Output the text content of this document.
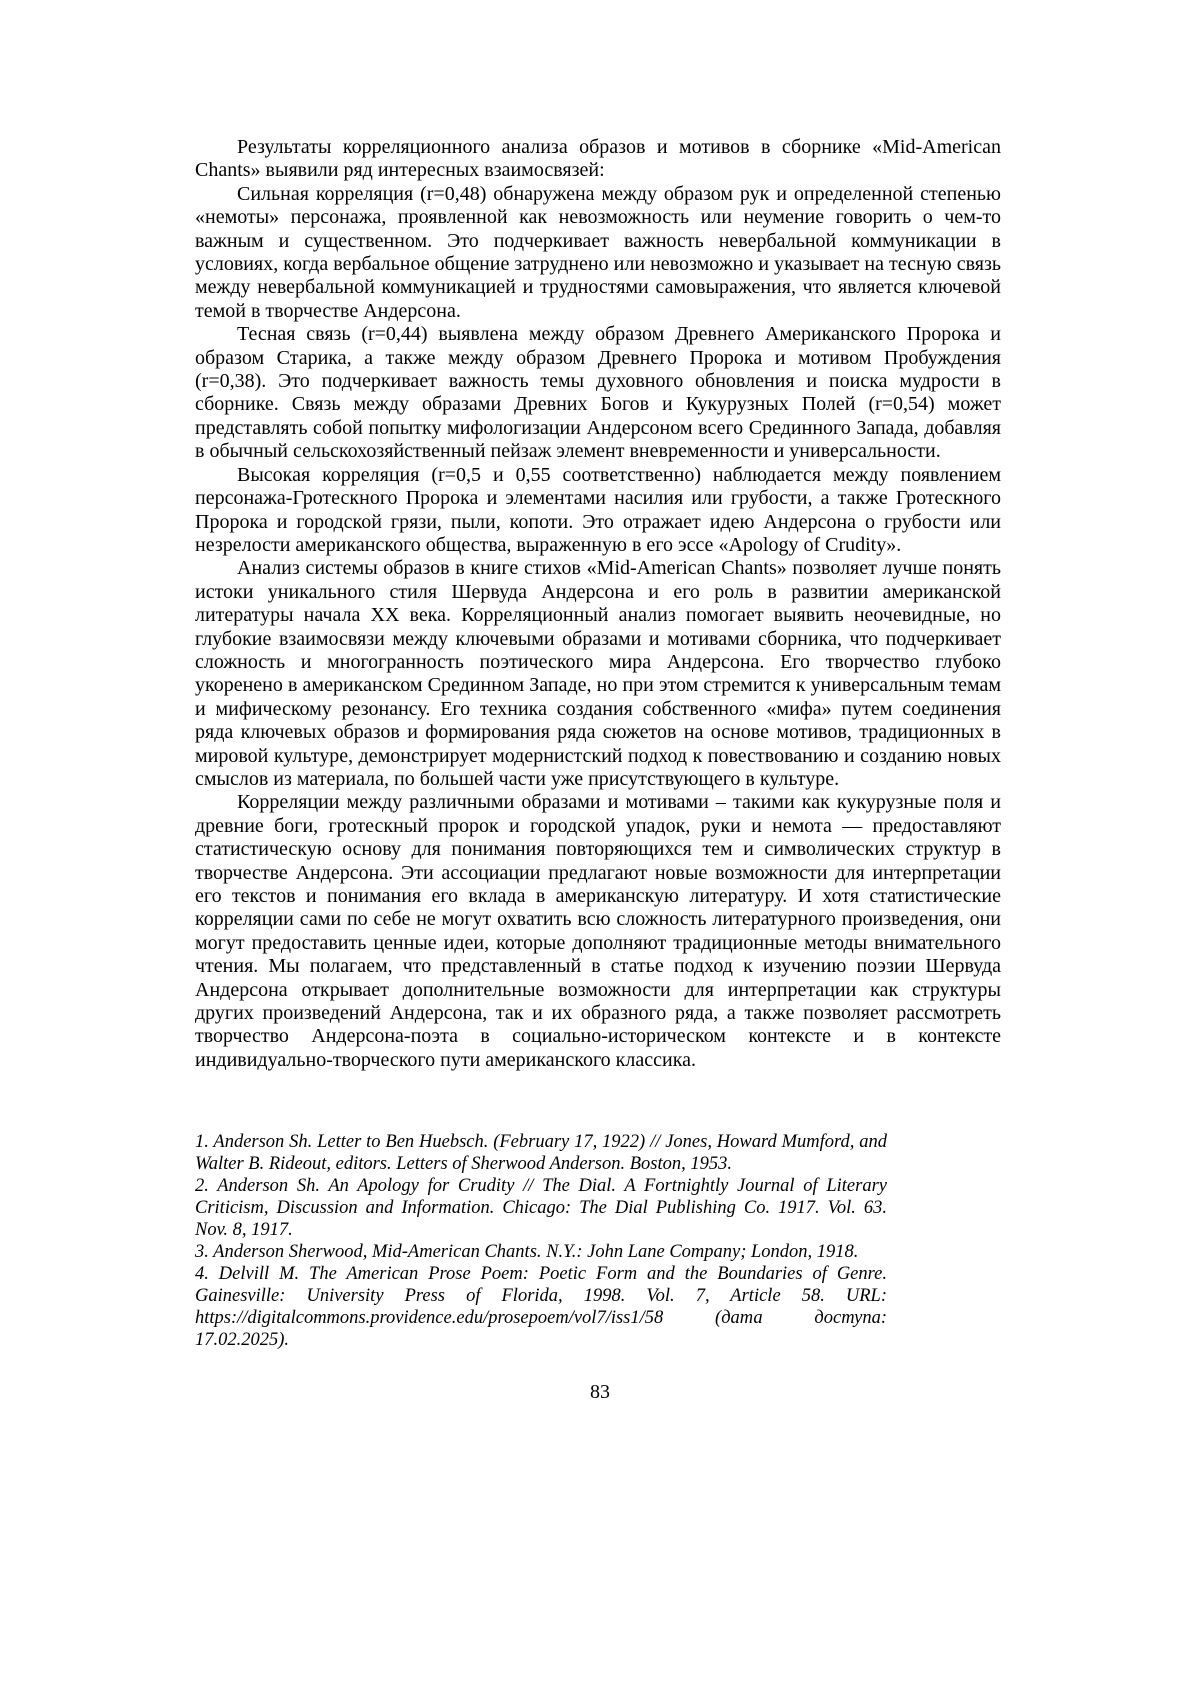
Результаты корреляционного анализа образов и мотивов в сборнике «Mid-American Chants» выявили ряд интересных взаимосвязей:

Сильная корреляция (r=0,48) обнаружена между образом рук и определенной степенью «немоты» персонажа, проявленной как невозможность или неумение говорить о чем-то важным и существенном. Это подчеркивает важность невербальной коммуникации в условиях, когда вербальное общение затруднено или невозможно и указывает на тесную связь между невербальной коммуникацией и трудностями самовыражения, что является ключевой темой в творчестве Андерсона.

Тесная связь (r=0,44) выявлена между образом Древнего Американского Пророка и образом Старика, а также между образом Древнего Пророка и мотивом Пробуждения (r=0,38). Это подчеркивает важность темы духовного обновления и поиска мудрости в сборнике. Связь между образами Древних Богов и Кукурузных Полей (r=0,54) может представлять собой попытку мифологизации Андерсоном всего Срединного Запада, добавляя в обычный сельскохозяйственный пейзаж элемент вневременности и универсальности.

Высокая корреляция (r=0,5 и 0,55 соответственно) наблюдается между появлением персонажа-Гротескного Пророка и элементами насилия или грубости, а также Гротескного Пророка и городской грязи, пыли, копоти. Это отражает идею Андерсона о грубости или незрелости американского общества, выраженную в его эссе «Apology of Crudity».

Анализ системы образов в книге стихов «Mid-American Chants» позволяет лучше понять истоки уникального стиля Шервуда Андерсона и его роль в развитии американской литературы начала XX века. Корреляционный анализ помогает выявить неочевидные, но глубокие взаимосвязи между ключевыми образами и мотивами сборника, что подчеркивает сложность и многогранность поэтического мира Андерсона. Его творчество глубоко укоренено в американском Срединном Западе, но при этом стремится к универсальным темам и мифическому резонансу. Его техника создания собственного «мифа» путем соединения ряда ключевых образов и формирования ряда сюжетов на основе мотивов, традиционных в мировой культуре, демонстрирует модернистский подход к повествованию и созданию новых смыслов из материала, по большей части уже присутствующего в культуре.

Корреляции между различными образами и мотивами – такими как кукурузные поля и древние боги, гротескный пророк и городской упадок, руки и немота — предоставляют статистическую основу для понимания повторяющихся тем и символических структур в творчестве Андерсона. Эти ассоциации предлагают новые возможности для интерпретации его текстов и понимания его вклада в американскую литературу. И хотя статистические корреляции сами по себе не могут охватить всю сложность литературного произведения, они могут предоставить ценные идеи, которые дополняют традиционные методы внимательного чтения. Мы полагаем, что представленный в статье подход к изучению поэзии Шервуда Андерсона открывает дополнительные возможности для интерпретации как структуры других произведений Андерсона, так и их образного ряда, а также позволяет рассмотреть творчество Андерсона-поэта в социально-историческом контексте и в контексте индивидуально-творческого пути американского классика.

1. Anderson Sh. Letter to Ben Huebsch. (February 17, 1922) // Jones, Howard Mumford, and Walter B. Rideout, editors. Letters of Sherwood Anderson. Boston, 1953.

2. Anderson Sh. An Apology for Crudity // The Dial. A Fortnightly Journal of Literary Criticism, Discussion and Information. Chicago: The Dial Publishing Co. 1917. Vol. 63. Nov. 8, 1917.

3. Anderson Sherwood, Mid-American Chants. N.Y.: John Lane Company; London, 1918.

4. Delvill M. The American Prose Poem: Poetic Form and the Boundaries of Genre. Gainesville: University Press of Florida, 1998. Vol. 7, Article 58. URL: https://digitalcommons.providence.edu/prosepoem/vol7/iss1/58 (дата доступа: 17.02.2025).

83
